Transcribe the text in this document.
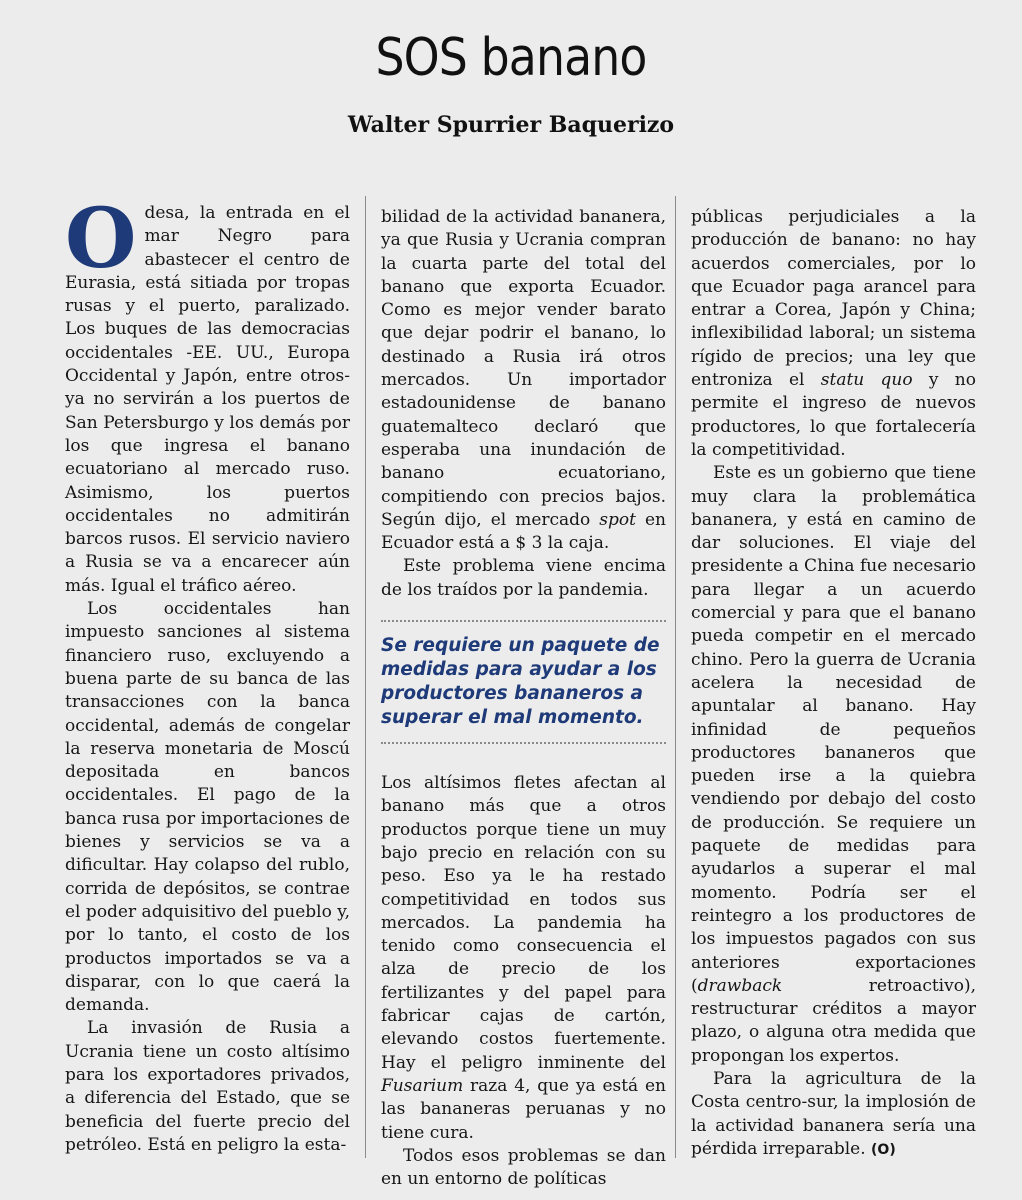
SOS banano
Walter Spurrier Baquerizo

Odesa, la entrada en el mar Negro para abastecer el centro de Eurasia, está sitiada por tropas rusas y el puerto, paralizado. Los buques de las democracias occidentales -EE. UU., Europa Occidental y Japón, entre otros- ya no servirán a los puertos de San Petersburgo y los demás por los que ingresa el banano ecuatoriano al mercado ruso. Asimismo, los puertos occidentales no admitirán barcos rusos. El servicio naviero a Rusia se va a encarecer aún más. Igual el tráfico aéreo.

Los occidentales han impuesto sanciones al sistema financiero ruso, excluyendo a buena parte de su banca de las transacciones con la banca occidental, además de congelar la reserva monetaria de Moscú depositada en bancos occidentales. El pago de la banca rusa por importaciones de bienes y servicios se va a dificultar. Hay colapso del rublo, corrida de depósitos, se contrae el poder adquisitivo del pueblo y, por lo tanto, el costo de los productos importados se va a disparar, con lo que caerá la demanda.

La invasión de Rusia a Ucrania tiene un costo altísimo para los exportadores privados, a diferencia del Estado, que se beneficia del fuerte precio del petróleo. Está en peligro la esta-

bilidad de la actividad bananera, ya que Rusia y Ucrania compran la cuarta parte del total del banano que exporta Ecuador. Como es mejor vender barato que dejar podrir el banano, lo destinado a Rusia irá otros mercados. Un importador estadounidense de banano guatemalteco declaró que esperaba una inundación de banano ecuatoriano, compitiendo con precios bajos. Según dijo, el mercado spot en Ecuador está a $ 3 la caja.

Este problema viene encima de los traídos por la pandemia.

Se requiere un paquete de medidas para ayudar a los productores bananeros a superar el mal momento.

Los altísimos fletes afectan al banano más que a otros productos porque tiene un muy bajo precio en relación con su peso. Eso ya le ha restado competitividad en todos sus mercados. La pandemia ha tenido como consecuencia el alza de precio de los fertilizantes y del papel para fabricar cajas de cartón, elevando costos fuertemente. Hay el peligro inminente del Fusarium raza 4, que ya está en las bananeras peruanas y no tiene cura.

Todos esos problemas se dan en un entorno de políticas

públicas perjudiciales a la producción de banano: no hay acuerdos comerciales, por lo que Ecuador paga arancel para entrar a Corea, Japón y China; inflexibilidad laboral; un sistema rígido de precios; una ley que entroniza el statu quo y no permite el ingreso de nuevos productores, lo que fortalecería la competitividad.

Este es un gobierno que tiene muy clara la problemática bananera, y está en camino de dar soluciones. El viaje del presidente a China fue necesario para llegar a un acuerdo comercial y para que el banano pueda competir en el mercado chino. Pero la guerra de Ucrania acelera la necesidad de apuntalar al banano. Hay infinidad de pequeños productores bananeros que pueden irse a la quiebra vendiendo por debajo del costo de producción. Se requiere un paquete de medidas para ayudarlos a superar el mal momento. Podría ser el reintegro a los productores de los impuestos pagados con sus anteriores exportaciones (drawback retroactivo), restructurar créditos a mayor plazo, o alguna otra medida que propongan los expertos.

Para la agricultura de la Costa centro-sur, la implosión de la actividad bananera sería una pérdida irreparable. (O)
